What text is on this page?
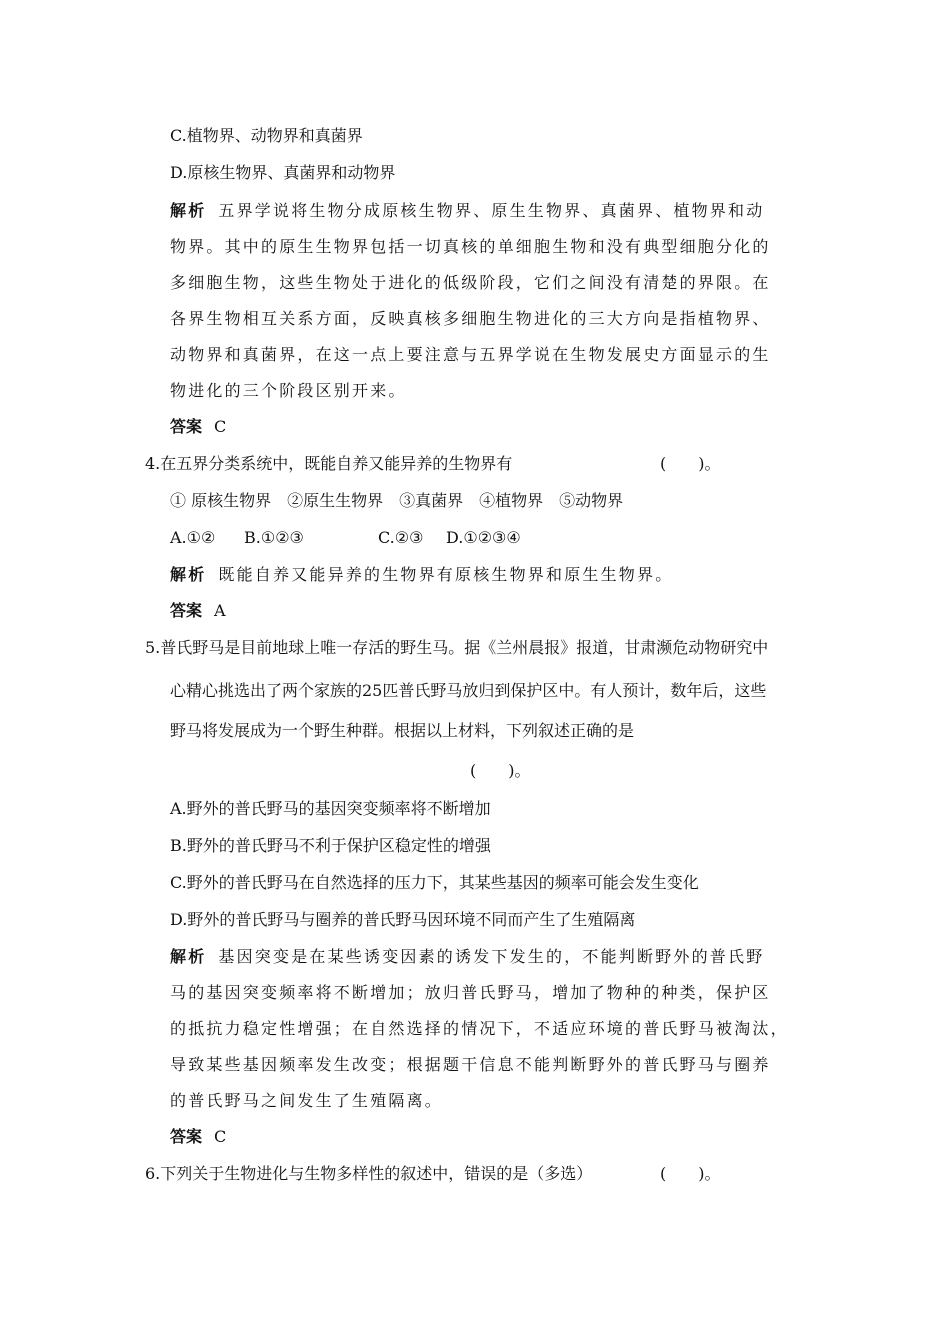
C.植物界、动物界和真菌界
D.原核生物界、真菌界和动物界
解析 五界学说将生物分成原核生物界、原生生物界、真菌界、植物界和动
物界。其中的原生生物界包括一切真核的单细胞生物和没有典型细胞分化的
多细胞生物，这些生物处于进化的低级阶段，它们之间没有清楚的界限。在
各界生物相互关系方面，反映真核多细胞生物进化的三大方向是指植物界、
动物界和真菌界，在这一点上要注意与五界学说在生物发展史方面显示的生
物进化的三个阶段区别开来。
答案 C
4.在五界分类系统中，既能自养又能异养的生物界有	(　　)。
① 原核生物界　②原生生物界　③真菌界　④植物界　⑤动物界
A.①② B.①②③	C.②③ D.①②③④
解析 既能自养又能异养的生物界有原核生物界和原生生物界。
答案 A
5.普氏野马是目前地球上唯一存活的野生马。据《兰州晨报》报道，甘肃濒危动物研究中
心精心挑选出了两个家族的25匹普氏野马放归到保护区中。有人预计，数年后，这些
野马将发展成为一个野生种群。根据以上材料，下列叙述正确的是
(　　)。
A.野外的普氏野马的基因突变频率将不断增加
B.野外的普氏野马不利于保护区稳定性的增强
C.野外的普氏野马在自然选择的压力下，其某些基因的频率可能会发生变化
D.野外的普氏野马与圈养的普氏野马因环境不同而产生了生殖隔离
解析 基因突变是在某些诱变因素的诱发下发生的，不能判断野外的普氏野
马的基因突变频率将不断增加；放归普氏野马，增加了物种的种类，保护区
的抵抗力稳定性增强；在自然选择的情况下，不适应环境的普氏野马被淘汰，
导致某些基因频率发生改变；根据题干信息不能判断野外的普氏野马与圈养
的普氏野马之间发生了生殖隔离。
答案 C
6.下列关于生物进化与生物多样性的叙述中，错误的是（多选）	(　　)。
